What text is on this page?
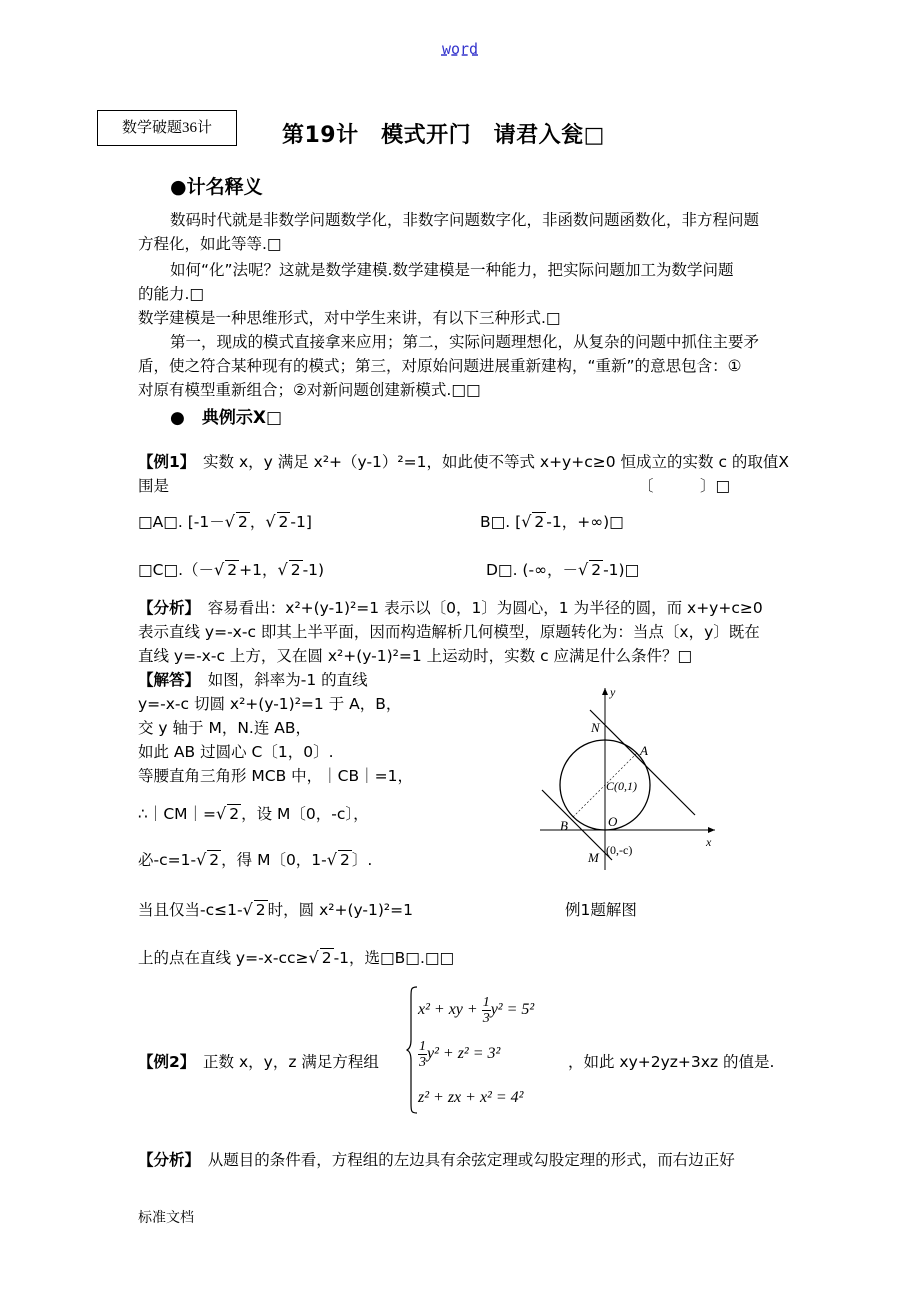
word
数学破题36计	第19计　模式开门　请君入瓮□
●计名释义
数码时代就是非数学问题数学化，非数字问题数字化，非函数问题函数化，非方程问题
方程化，如此等等.□
如何“化”法呢？这就是数学建模.数学建模是一种能力，把实际问题加工为数学问题
的能力.□
数学建模是一种思维形式，对中学生来讲，有以下三种形式.□
第一，现成的模式直接拿来应用；第二，实际问题理想化，从复杂的问题中抓住主要矛
盾，使之符合某种现有的模式；第三，对原始问题进展重新建构，“重新”的意思包含：①
对原有模型重新组合；②对新问题创建新模式.□□
●　典例示X□
【例1】　实数 x，y 满足 x²+（y-1）²=1，如此使不等式 x+y+c≥0 恒成立的实数 c 的取值X
围是	〔　　　〕□
□A□. [-1－√ 2 ，√ 2 -1]	B□. [√ 2 -1，+∞)□
□C□.（－√ 2 +1，√ 2 -1)	D□. (-∞，－√ 2 -1)□
【分析】　容易看出：x²+(y-1)²=1 表示以〔0，1〕为圆心，1 为半径的圆，而 x+y+c≥0
表示直线 y=-x-c 即其上半平面，因而构造解析几何模型，原题转化为：当点〔x，y〕既在
直线 y=-x-c 上方，又在圆 x²+(y-1)²=1 上运动时，实数 c 应满足什么条件？□
【解答】　如图，斜率为-1 的直线
y=-x-c 切圆 x²+(y-1)²=1 于 A，B，
交 y 轴于 M，N.连 AB，
如此 AB 过圆心 C〔1，0〕.
等腰直角三角形 MCB 中，｜CB｜=1，
∴｜CM｜=√ 2 ，设 M〔0，-c〕，
必-c=1-√ 2 ，得 M〔0，1-√ 2 〕.
当且仅当-c≤1-√ 2 时，圆 x²+(y-1)²=1
上的点在直线 y=-x-cc≥√ 2 -1，选□B□.□□
y
x
N
A
C(0,1)
B	O
M (0,-c)
例1题解图
【例2】　正数 x，y，z 满足方程组
x² + xy + $\frac{1}{3} y^2 = 5^2$
$\frac{1}{3} y^2 + z^2 = 3^2$
z² + zx + x² = 4²
，如此 xy+2yz+3xz 的值是.
【分析】　从题目的条件看，方程组的左边具有余弦定理或勾股定理的形式，而右边正好
标准文档
